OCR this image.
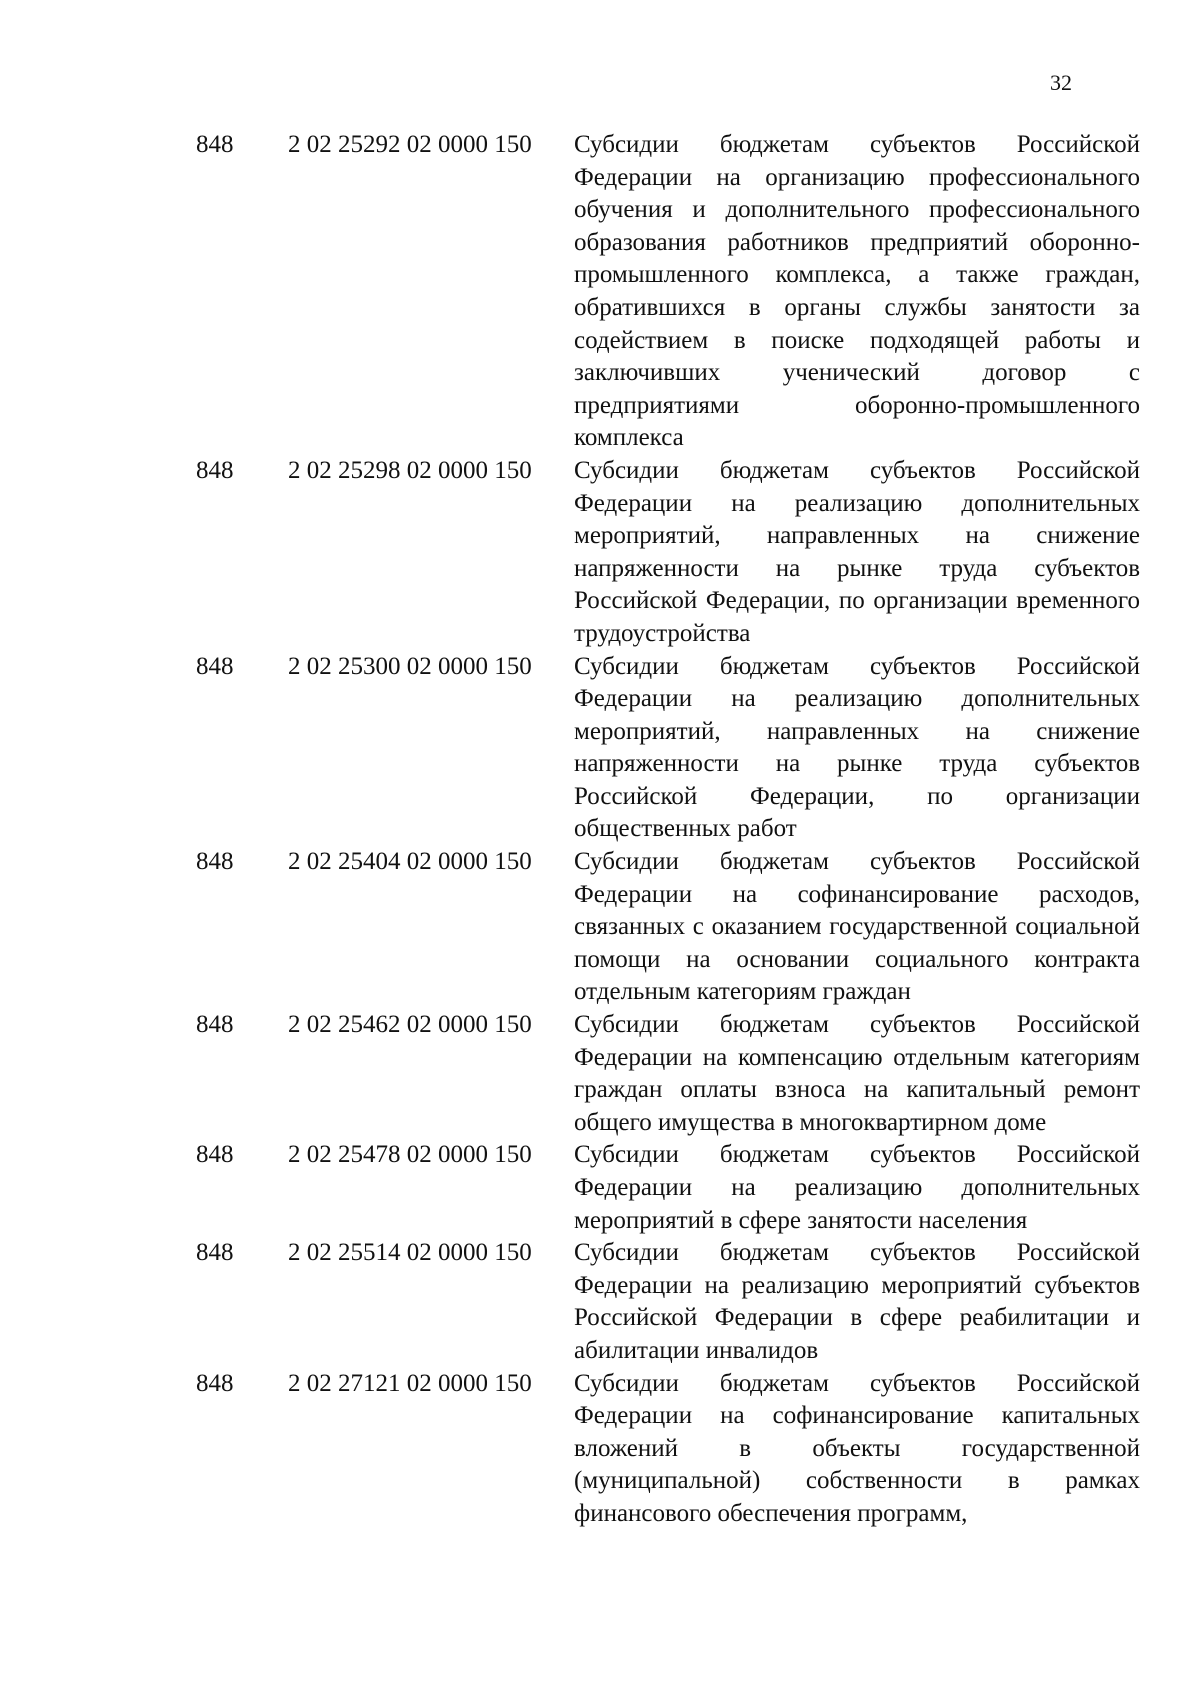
32
848	2 02 25292 02 0000 150	Субсидии бюджетам субъектов Российской Федерации на организацию профессионального обучения и дополнительного профессионального образования работников предприятий оборонно-промышленного комплекса, а также граждан, обратившихся в органы службы занятости за содействием в поиске подходящей работы и заключивших ученический договор с предприятиями оборонно-промышленного комплекса
848	2 02 25298 02 0000 150	Субсидии бюджетам субъектов Российской Федерации на реализацию дополнительных мероприятий, направленных на снижение напряженности на рынке труда субъектов Российской Федерации, по организации временного трудоустройства
848	2 02 25300 02 0000 150	Субсидии бюджетам субъектов Российской Федерации на реализацию дополнительных мероприятий, направленных на снижение напряженности на рынке труда субъектов Российской Федерации, по организации общественных работ
848	2 02 25404 02 0000 150	Субсидии бюджетам субъектов Российской Федерации на софинансирование расходов, связанных с оказанием государственной социальной помощи на основании социального контракта отдельным категориям граждан
848	2 02 25462 02 0000 150	Субсидии бюджетам субъектов Российской Федерации на компенсацию отдельным категориям граждан оплаты взноса на капитальный ремонт общего имущества в многоквартирном доме
848	2 02 25478 02 0000 150	Субсидии бюджетам субъектов Российской Федерации на реализацию дополнительных мероприятий в сфере занятости населения
848	2 02 25514 02 0000 150	Субсидии бюджетам субъектов Российской Федерации на реализацию мероприятий субъектов Российской Федерации в сфере реабилитации и абилитации инвалидов
848	2 02 27121 02 0000 150	Субсидии бюджетам субъектов Российской Федерации на софинансирование капитальных вложений в объекты государственной (муниципальной) собственности в рамках финансового обеспечения программ,
